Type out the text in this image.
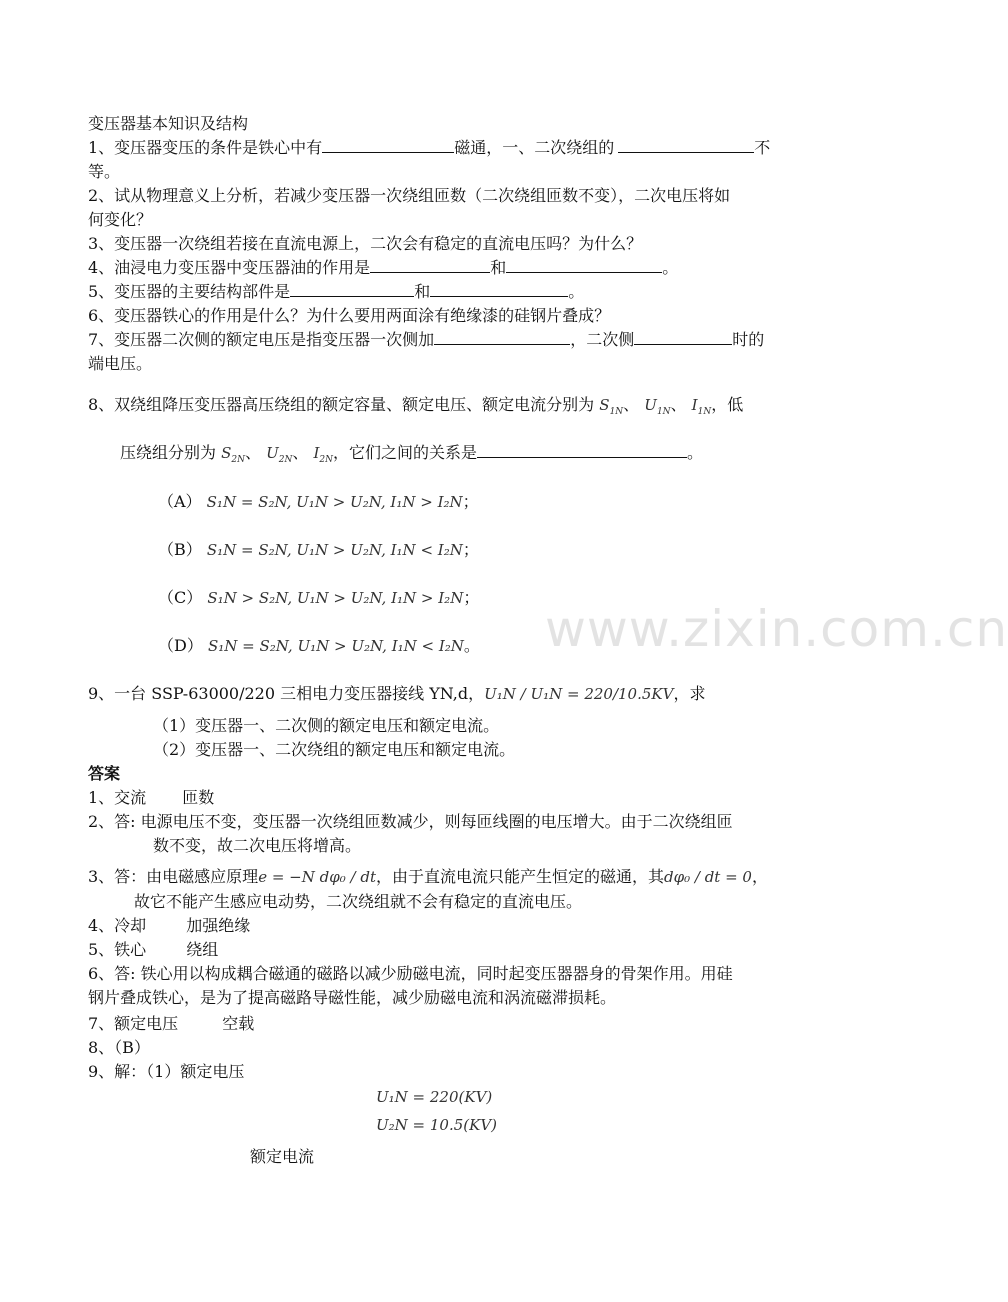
www.zixin.com.cn
变压器基本知识及结构
1、变压器变压的条件是铁心中有	磁通，一、二次绕组的	不
等。
2、试从物理意义上分析，若减少变压器一次绕组匝数（二次绕组匝数不变），二次电压将如
何变化？
3、变压器一次绕组若接在直流电源上，二次会有稳定的直流电压吗？为什么？
4、油浸电力变压器中变压器油的作用是	和	。
5、变压器的主要结构部件是	和	。
6、变压器铁心的作用是什么？为什么要用两面涂有绝缘漆的硅钢片叠成？
7、变压器二次侧的额定电压是指变压器一次侧加	，二次侧	时的
端电压。
8、双绕组降压变压器高压绕组的额定容量、额定电压、额定电流分别为 $S_{1N}$、 $U_{1N}$、 $I_{1N}$，低
压绕组分别为 $S_{2N}$、 $U_{2N}$、 $I_{2N}$，它们之间的关系是	。
（A） S₁N = S₂N, U₁N > U₂N, I₁N > I₂N；
（B） S₁N = S₂N, U₁N > U₂N, I₁N < I₂N；
（C） S₁N > S₂N, U₁N > U₂N, I₁N > I₂N；
（D） S₁N = S₂N, U₁N > U₂N, I₁N < I₂N。
9、一台 SSP-63000/220 三相电力变压器接线 YN,d，U₁N / U₁N = 220/10.5KV，求
（1）变压器一、二次侧的额定电压和额定电流。
（2）变压器一、二次绕组的额定电压和额定电流。
答案
1、交流 匝数
2、答: 电源电压不变，变压器一次绕组匝数减少，则每匝线圈的电压增大。由于二次绕组匝
数不变，故二次电压将增高。
3、答：由电磁感应原理e = −N dφ₀ / dt，由于直流电流只能产生恒定的磁通，其dφ₀ / dt = 0，
故它不能产生感应电动势，二次绕组就不会有稳定的直流电压。
4、冷却	加强绝缘
5、铁心	绕组
6、答: 铁心用以构成耦合磁通的磁路以减少励磁电流，同时起变压器器身的骨架作用。用硅
钢片叠成铁心，是为了提高磁路导磁性能，减少励磁电流和涡流磁滞损耗。
7、额定电压	空载
8、（B）
9、解：（1）额定电压
U₁N = 220(KV)
U₂N = 10.5(KV)
额定电流
